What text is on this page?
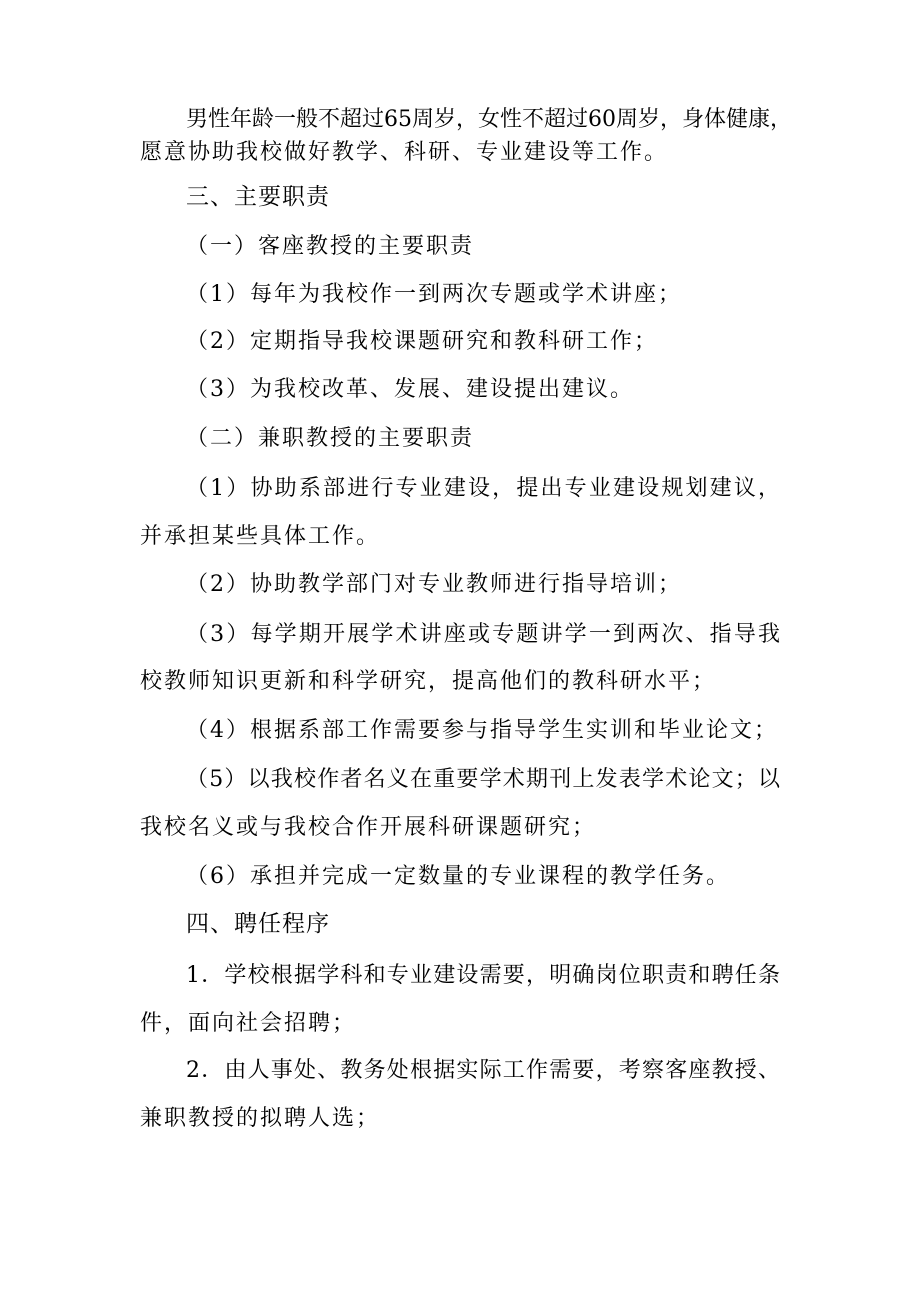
男性年龄一般不超过65周岁，女性不超过60周岁，身体健康，
愿意协助我校做好教学、科研、专业建设等工作。
三、主要职责
（一）客座教授的主要职责
（1）每年为我校作一到两次专题或学术讲座；
（2）定期指导我校课题研究和教科研工作；
（3）为我校改革、发展、建设提出建议。
（二）兼职教授的主要职责
（1）协助系部进行专业建设，提出专业建设规划建议，
并承担某些具体工作。
（2）协助教学部门对专业教师进行指导培训；
（3）每学期开展学术讲座或专题讲学一到两次、指导我
校教师知识更新和科学研究，提高他们的教科研水平；
（4）根据系部工作需要参与指导学生实训和毕业论文；
（5）以我校作者名义在重要学术期刊上发表学术论文；以
我校名义或与我校合作开展科研课题研究；
（6）承担并完成一定数量的专业课程的教学任务。
四、聘任程序
1．学校根据学科和专业建设需要，明确岗位职责和聘任条
件，面向社会招聘；
2．由人事处、教务处根据实际工作需要，考察客座教授、
兼职教授的拟聘人选；
